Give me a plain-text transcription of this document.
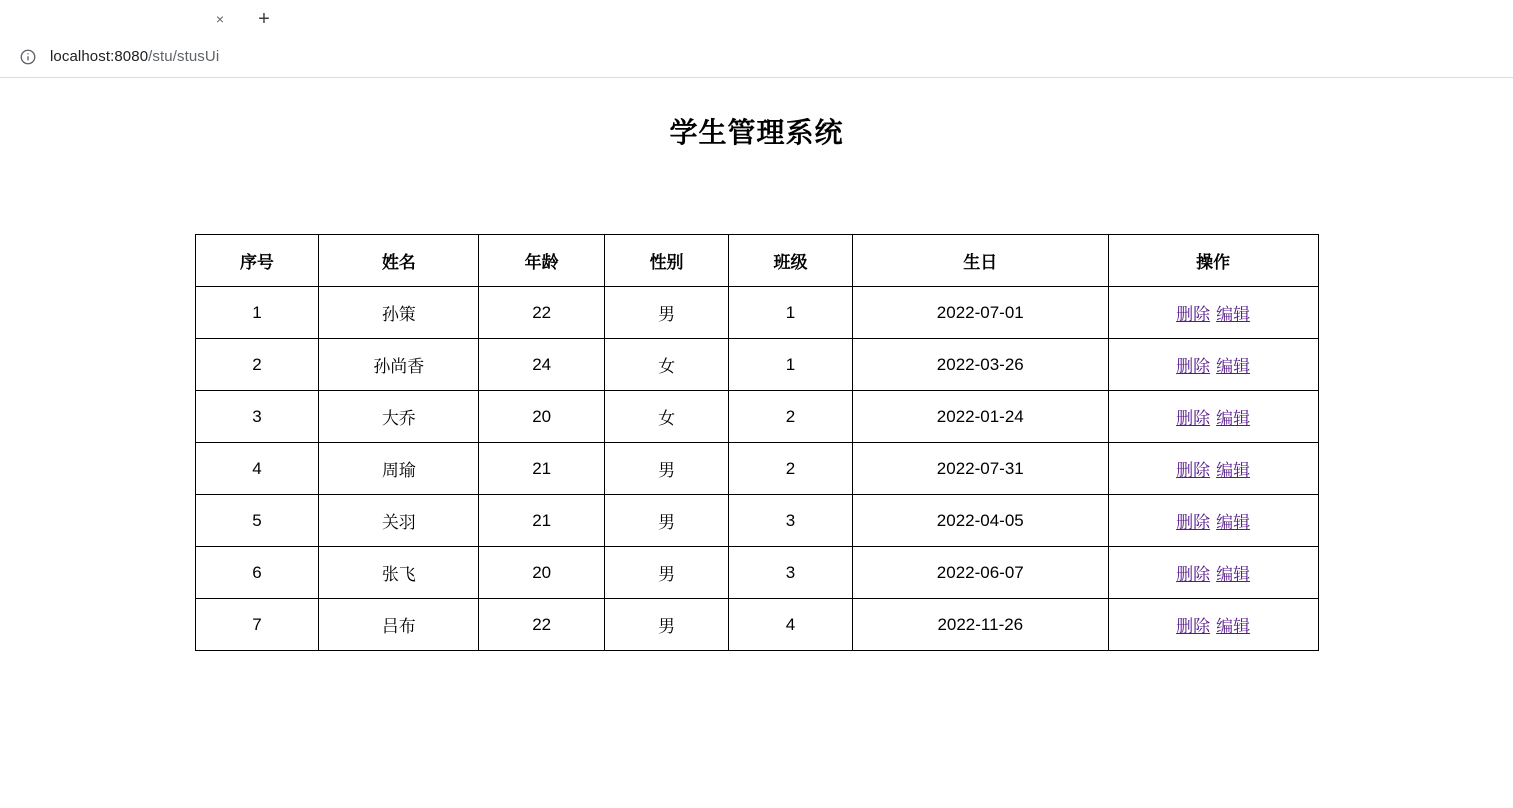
×	+
localhost:8080/stu/stusUi
学生管理系统
序号	姓名	年龄	性别	班级	生日	操作
1	孙策	22	男	1	2022-07-01	删除 编辑
2	孙尚香	24	女	1	2022-03-26	删除 编辑
3	大乔	20	女	2	2022-01-24	删除 编辑
4	周瑜	21	男	2	2022-07-31	删除 编辑
5	关羽	21	男	3	2022-04-05	删除 编辑
6	张飞	20	男	3	2022-06-07	删除 编辑
7	吕布	22	男	4	2022-11-26	删除 编辑
